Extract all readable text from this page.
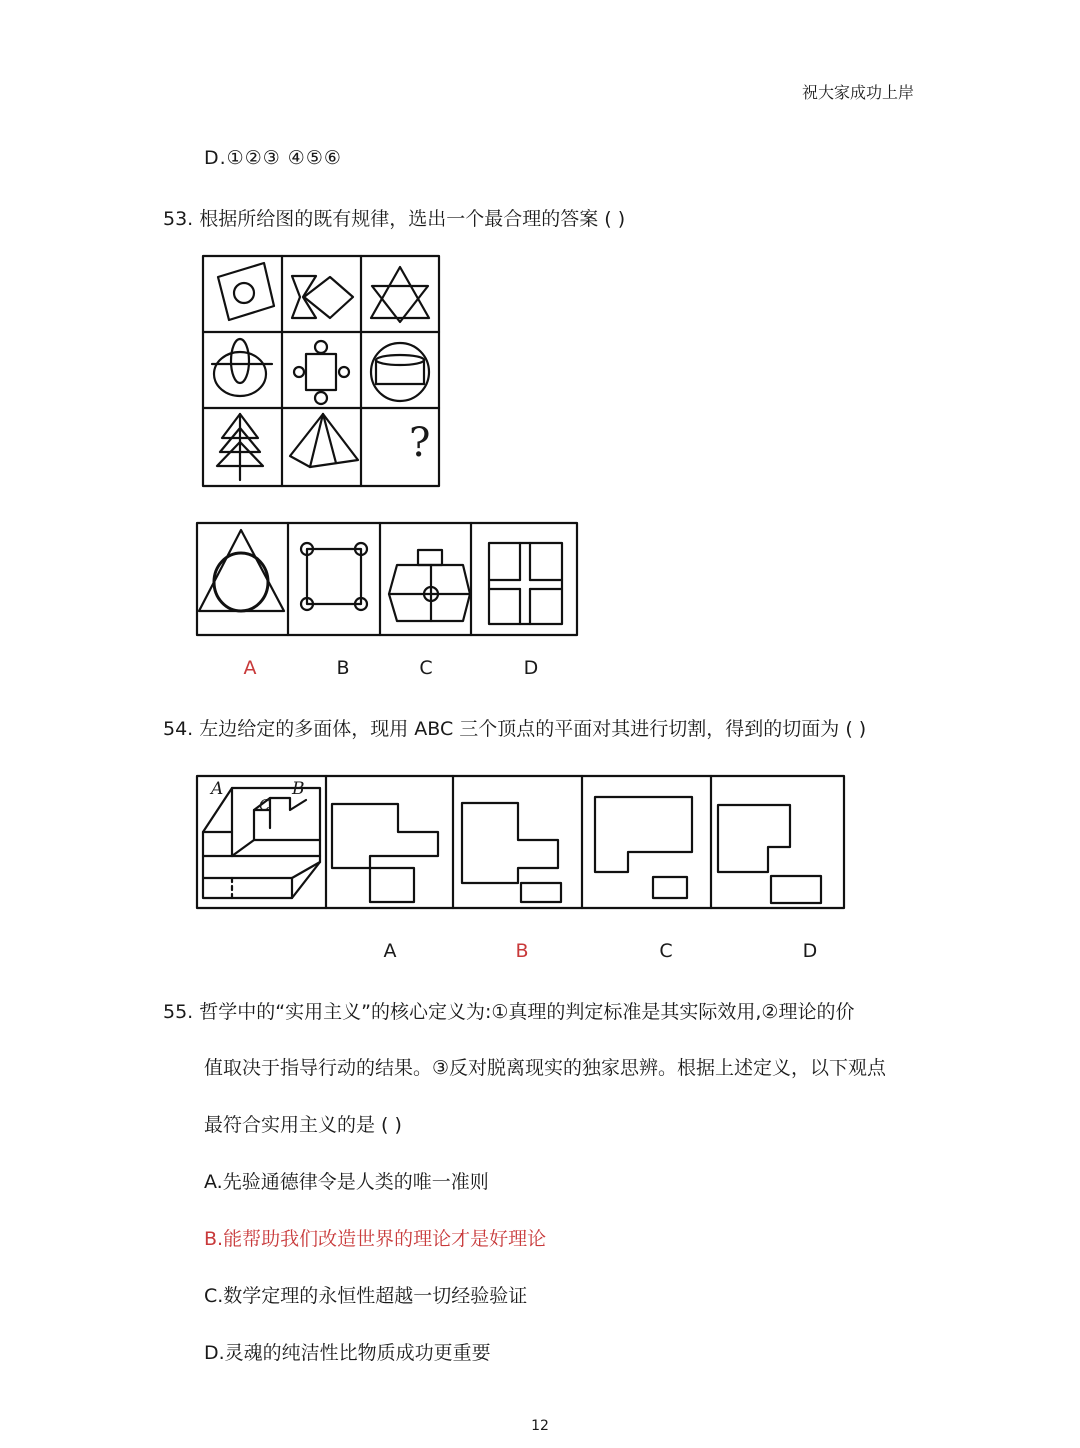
祝大家成功上岸
D.①②③ ④⑤⑥
53. 根据所给图的既有规律，选出一个最合理的答案 ( )
?
A	B	C	D
54. 左边给定的多面体，现用 ABC 三个顶点的平面对其进行切割，得到的切面为 ( )
A	B
C
A	B	C	D
55. 哲学中的“实用主义”的核心定义为:①真理的判定标准是其实际效用,②理论的价
值取决于指导行动的结果。③反对脱离现实的独家思辨。根据上述定义，以下观点
最符合实用主义的是 ( )
A.先验通德律令是人类的唯一准则
B.能帮助我们改造世界的理论才是好理论
C.数学定理的永恒性超越一切经验验证
D.灵魂的纯洁性比物质成功更重要
12
